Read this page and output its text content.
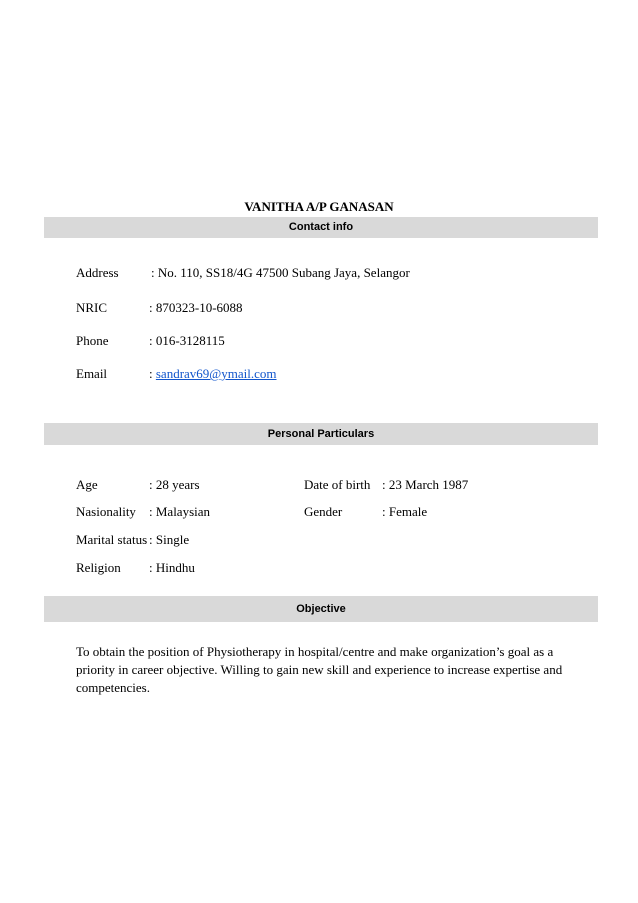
VANITHA A/P GANASAN
Contact info
Address : No. 110, SS18/4G 47500 Subang Jaya, Selangor
NRIC	: 870323-10-6088
Phone	: 016-3128115
Email	: sandrav69@ymail.com
Personal Particulars
Age	: 28 years	Date of birth : 23 March 1987
Nasionality : Malaysian	Gender	: Female
Marital status : Single
Religion : Hindhu
Objective
To obtain the position of Physiotherapy in hospital/centre and make organization’s goal as a priority in career objective. Willing to gain new skill and experience to increase expertise and competencies.
